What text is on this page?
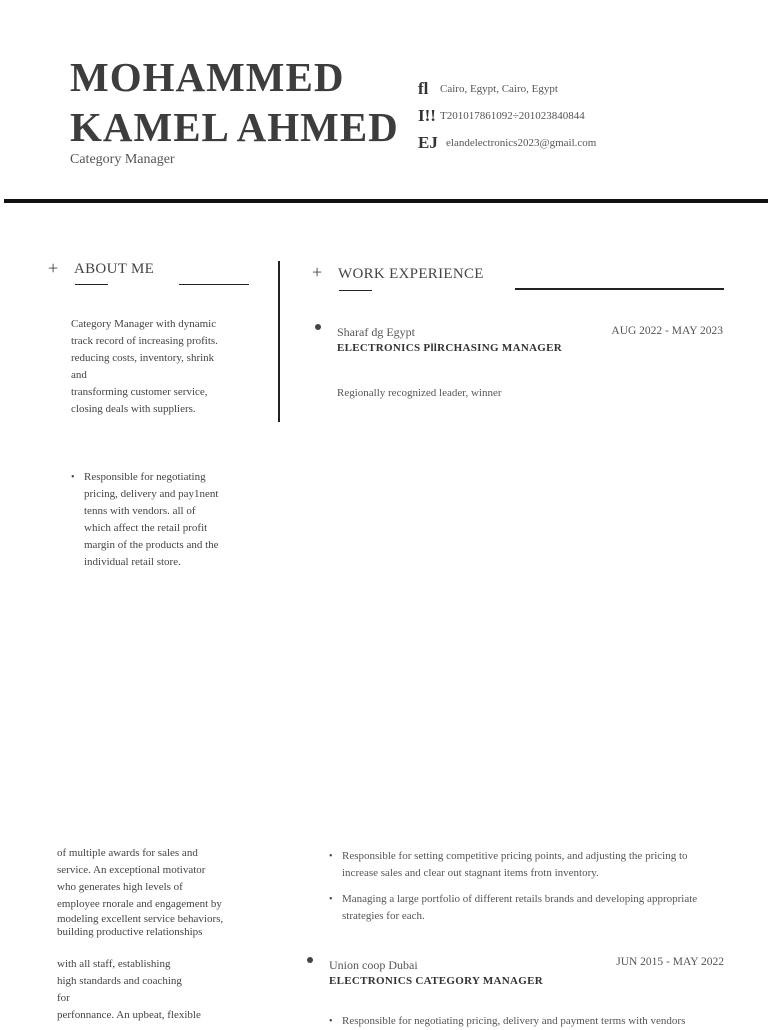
MOHAMMED
KAMEL AHMED
Category Manager
fl	Cairo, Egypt, Cairo, Egypt
I!! T201017861092÷201023840844
EJ elandelectronics2023@gmail.com
+ ABOUT ME
Category Manager with dynamic
track record of increasing profits.
reducing costs, inventory, shrink
and
transforming customer service,
closing deals with suppliers.
• Responsible for negotiating
pricing, delivery and pay1nent
tenns with vendors. all of
which affect the retail profit
margin of the products and the
individual retail store.
of multiple awards for sales and
service. An exceptional motivator
who generates high levels of
employee rnorale and engagement by
modeling excellent service behaviors,
building productive relationships
with all staff, establishing
high standards and coaching
for
perfonnance. An upbeat, flexible
+ WORK EXPERIENCE
Sharaf dg Egypt	AUG 2022 - MAY 2023
ELECTRONICS PllRCHASING MANAGER
Regionally recognized leader, winner
• Responsible for setting competitive pricing points, and adjusting the pricing to increase sales and clear out stagnant items frotn inventory.
• Managing a large portfolio of different retails brands and developing appropriate strategies for each.
Union coop Dubai	JUN 2015 - MAY 2022
ELECTRONICS CATEGORY MANAGER
• Responsible for negotiating pricing, delivery and payment terms with vendors
